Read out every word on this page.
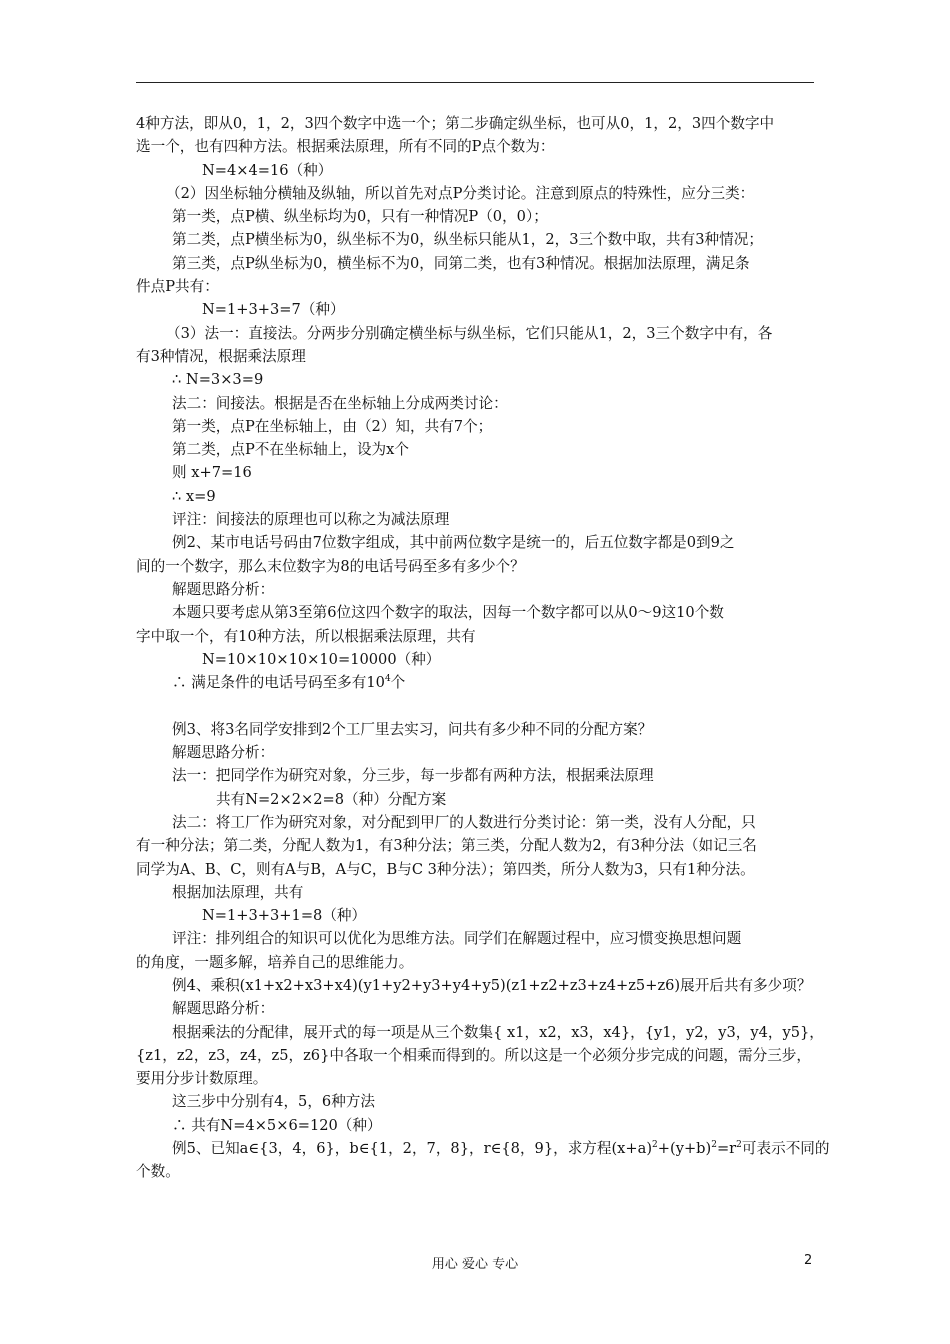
4种方法，即从0，1，2，3四个数字中选一个；第二步确定纵坐标，也可从0，1，2，3四个数字中
选一个，也有四种方法。根据乘法原理，所有不同的P点个数为：
N=4×4=16（种）
（2）因坐标轴分横轴及纵轴，所以首先对点P分类讨论。注意到原点的特殊性，应分三类：
第一类，点P横、纵坐标均为0，只有一种情况P（0，0）；
第二类，点P横坐标为0，纵坐标不为0，纵坐标只能从1，2，3三个数中取，共有3种情况；
第三类，点P纵坐标为0，横坐标不为0，同第二类，也有3种情况。根据加法原理，满足条
件点P共有：
N=1+3+3=7（种）
（3）法一：直接法。分两步分别确定横坐标与纵坐标，它们只能从1，2，3三个数字中有，各
有3种情况，根据乘法原理
∴ N=3×3=9
法二：间接法。根据是否在坐标轴上分成两类讨论：
第一类，点P在坐标轴上，由（2）知，共有7个；
第二类，点P不在坐标轴上，设为x个
则 x+7=16
∴ x=9
评注：间接法的原理也可以称之为减法原理
例2、某市电话号码由7位数字组成，其中前两位数字是统一的，后五位数字都是0到9之
间的一个数字，那么末位数字为8的电话号码至多有多少个？
解题思路分析：
本题只要考虑从第3至第6位这四个数字的取法，因每一个数字都可以从0～9这10个数
字中取一个，有10种方法，所以根据乘法原理，共有
N=10×10×10×10=10000（种）
∴ 满足条件的电话号码至多有$10^4$个
例3、将3名同学安排到2个工厂里去实习，问共有多少种不同的分配方案？
解题思路分析：
法一：把同学作为研究对象，分三步，每一步都有两种方法，根据乘法原理
共有N=2×2×2=8（种）分配方案
法二：将工厂作为研究对象，对分配到甲厂的人数进行分类讨论：第一类，没有人分配，只
有一种分法；第二类，分配人数为1，有3种分法；第三类，分配人数为2，有3种分法（如记三名
同学为A、B、C，则有A与B，A与C，B与C 3种分法）；第四类，所分人数为3，只有1种分法。
根据加法原理，共有
N=1+3+3+1=8（种）
评注：排列组合的知识可以优化为思维方法。同学们在解题过程中，应习惯变换思想问题
的角度，一题多解，培养自己的思维能力。
例4、乘积(x1+x2+x3+x4)(y1+y2+y3+y4+y5)(z1+z2+z3+z4+z5+z6)展开后共有多少项？
解题思路分析：
根据乘法的分配律，展开式的每一项是从三个数集{ x1，x2，x3，x4}，{y1，y2，y3，y4，y5}，
{z1，z2，z3，z4，z5，z6}中各取一个相乘而得到的。所以这是一个必须分步完成的问题，需分三步，
要用分步计数原理。
这三步中分别有4，5，6种方法
∴ 共有N=4×5×6=120（种）
例5、已知a∈{3，4，6}，b∈{1，2，7，8}，r∈{8，9}，求方程$(x+a)^2+(y+b)^2=r^2$可表示不同的
个数。
用心 爱心 专心	2
